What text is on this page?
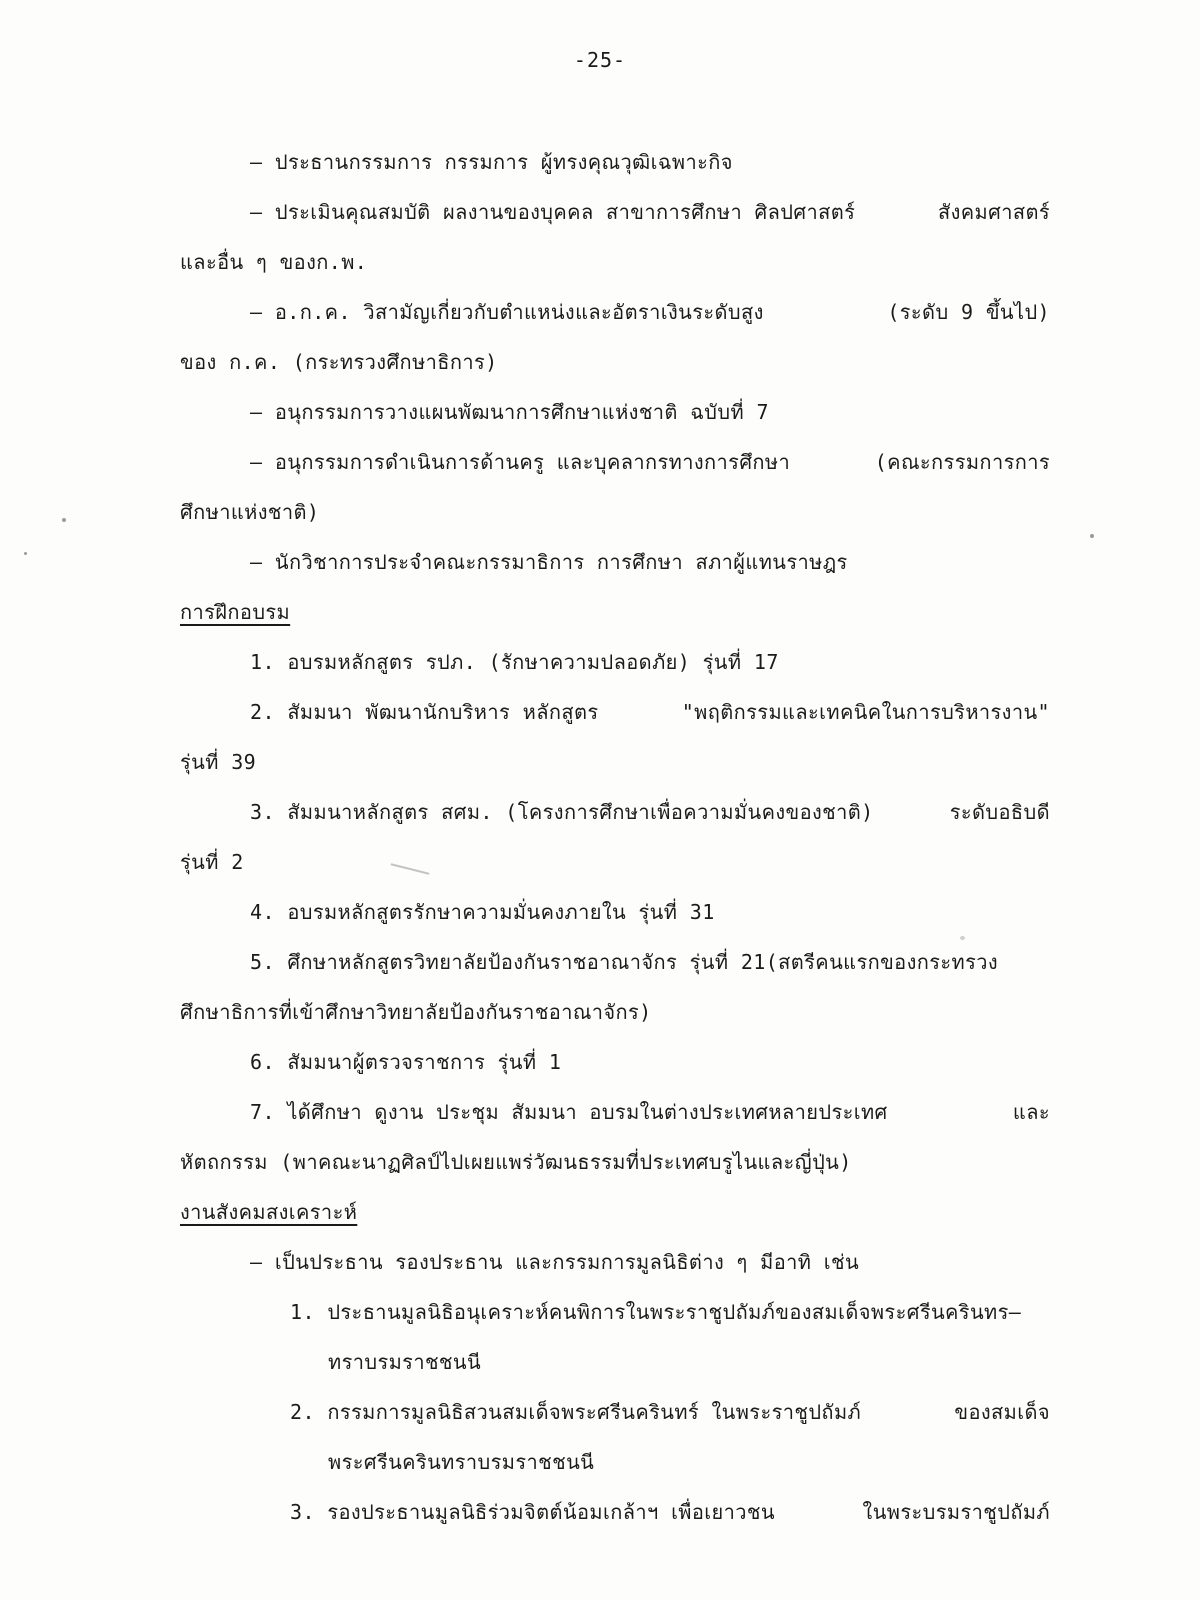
-25-
– ประธานกรรมการ กรรมการ ผู้ทรงคุณวุฒิเฉพาะกิจ
– ประเมินคุณสมบัติ ผลงานของบุคคล สาขาการศึกษา ศิลปศาสตร์	สังคมศาสตร์
และอื่น ๆ ของก.พ.
– อ.ก.ค. วิสามัญเกี่ยวกับตำแหน่งและอัตราเงินระดับสูง	(ระดับ 9 ขึ้นไป)
ของ ก.ค. (กระทรวงศึกษาธิการ)
– อนุกรรมการวางแผนพัฒนาการศึกษาแห่งชาติ ฉบับที่ 7
– อนุกรรมการดำเนินการด้านครู และบุคลากรทางการศึกษา	(คณะกรรมการการ
ศึกษาแห่งชาติ)
– นักวิชาการประจำคณะกรรมาธิการ การศึกษา สภาผู้แทนราษฎร
การฝึกอบรม
1. อบรมหลักสูตร รปภ. (รักษาความปลอดภัย) รุ่นที่ 17
2. สัมมนา พัฒนานักบริหาร หลักสูตร	"พฤติกรรมและเทคนิคในการบริหารงาน"
รุ่นที่ 39
3. สัมมนาหลักสูตร สศม. (โครงการศึกษาเพื่อความมั่นคงของชาติ)	ระดับอธิบดี
รุ่นที่ 2
4. อบรมหลักสูตรรักษาความมั่นคงภายใน รุ่นที่ 31
5. ศึกษาหลักสูตรวิทยาลัยป้องกันราชอาณาจักร รุ่นที่ 21(สตรีคนแรกของกระทรวง
ศึกษาธิการที่เข้าศึกษาวิทยาลัยป้องกันราชอาณาจักร)
6. สัมมนาผู้ตรวจราชการ รุ่นที่ 1
7. ได้ศึกษา ดูงาน ประชุม สัมมนา อบรมในต่างประเทศหลายประเทศ	และ
หัตถกรรม (พาคณะนาฏศิลป์ไปเผยแพร่วัฒนธรรมที่ประเทศบรูไนและญี่ปุ่น)
งานสังคมสงเคราะห์
– เป็นประธาน รองประธาน และกรรมการมูลนิธิต่าง ๆ มีอาทิ เช่น
1. ประธานมูลนิธิอนุเคราะห์คนพิการในพระราชูปถัมภ์ของสมเด็จพระศรีนครินทร–
ทราบรมราชชนนี
2. กรรมการมูลนิธิสวนสมเด็จพระศรีนครินทร์ ในพระราชูปถัมภ์	ของสมเด็จ
พระศรีนครินทราบรมราชชนนี
3. รองประธานมูลนิธิร่วมจิตต์น้อมเกล้าฯ เพื่อเยาวชน	ในพระบรมราชูปถัมภ์
